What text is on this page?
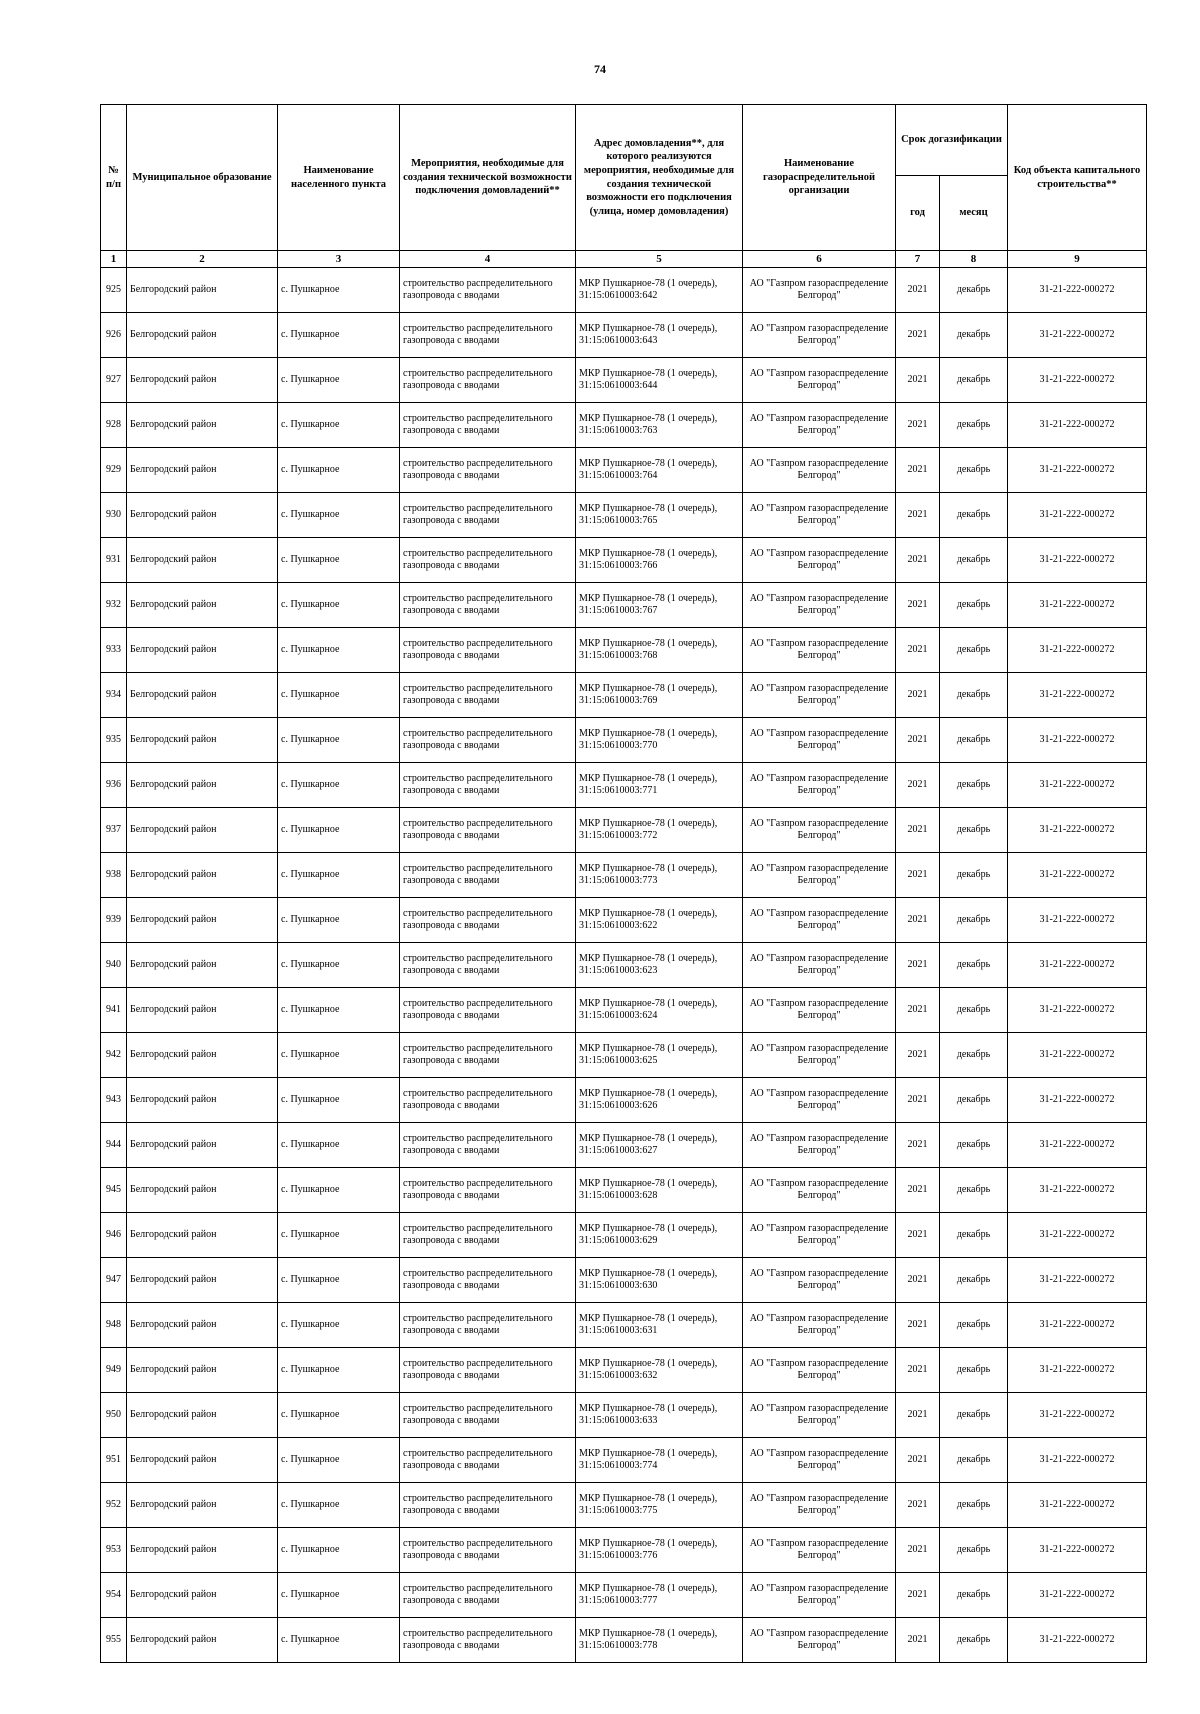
74
№ п/п	Муниципальное образование	Наименование населенного пункта	Мероприятия, необходимые для создания технической возможности подключения домовладений**	Адрес домовладения**, для которого реализуются мероприятия, необходимые для создания технической возможности его подключения (улица, номер домовладения)	Наименование газораспределительной организации	Срок догазификации		Код объекта капитального строительства**
						год	месяц	
1	2	3	4	5	6	7	8	9
925	Белгородский район	с. Пушкарное	строительство распределительного газопровода с вводами	МКР Пушкарное-78 (1 очередь), 31:15:0610003:642	АО "Газпром газораспределение Белгород"	2021	декабрь	31-21-222-000272
926	Белгородский район	с. Пушкарное	строительство распределительного газопровода с вводами	МКР Пушкарное-78 (1 очередь), 31:15:0610003:643	АО "Газпром газораспределение Белгород"	2021	декабрь	31-21-222-000272
927	Белгородский район	с. Пушкарное	строительство распределительного газопровода с вводами	МКР Пушкарное-78 (1 очередь), 31:15:0610003:644	АО "Газпром газораспределение Белгород"	2021	декабрь	31-21-222-000272
928	Белгородский район	с. Пушкарное	строительство распределительного газопровода с вводами	МКР Пушкарное-78 (1 очередь), 31:15:0610003:763	АО "Газпром газораспределение Белгород"	2021	декабрь	31-21-222-000272
929	Белгородский район	с. Пушкарное	строительство распределительного газопровода с вводами	МКР Пушкарное-78 (1 очередь), 31:15:0610003:764	АО "Газпром газораспределение Белгород"	2021	декабрь	31-21-222-000272
930	Белгородский район	с. Пушкарное	строительство распределительного газопровода с вводами	МКР Пушкарное-78 (1 очередь), 31:15:0610003:765	АО "Газпром газораспределение Белгород"	2021	декабрь	31-21-222-000272
931	Белгородский район	с. Пушкарное	строительство распределительного газопровода с вводами	МКР Пушкарное-78 (1 очередь), 31:15:0610003:766	АО "Газпром газораспределение Белгород"	2021	декабрь	31-21-222-000272
932	Белгородский район	с. Пушкарное	строительство распределительного газопровода с вводами	МКР Пушкарное-78 (1 очередь), 31:15:0610003:767	АО "Газпром газораспределение Белгород"	2021	декабрь	31-21-222-000272
933	Белгородский район	с. Пушкарное	строительство распределительного газопровода с вводами	МКР Пушкарное-78 (1 очередь), 31:15:0610003:768	АО "Газпром газораспределение Белгород"	2021	декабрь	31-21-222-000272
934	Белгородский район	с. Пушкарное	строительство распределительного газопровода с вводами	МКР Пушкарное-78 (1 очередь), 31:15:0610003:769	АО "Газпром газораспределение Белгород"	2021	декабрь	31-21-222-000272
935	Белгородский район	с. Пушкарное	строительство распределительного газопровода с вводами	МКР Пушкарное-78 (1 очередь), 31:15:0610003:770	АО "Газпром газораспределение Белгород"	2021	декабрь	31-21-222-000272
936	Белгородский район	с. Пушкарное	строительство распределительного газопровода с вводами	МКР Пушкарное-78 (1 очередь), 31:15:0610003:771	АО "Газпром газораспределение Белгород"	2021	декабрь	31-21-222-000272
937	Белгородский район	с. Пушкарное	строительство распределительного газопровода с вводами	МКР Пушкарное-78 (1 очередь), 31:15:0610003:772	АО "Газпром газораспределение Белгород"	2021	декабрь	31-21-222-000272
938	Белгородский район	с. Пушкарное	строительство распределительного газопровода с вводами	МКР Пушкарное-78 (1 очередь), 31:15:0610003:773	АО "Газпром газораспределение Белгород"	2021	декабрь	31-21-222-000272
939	Белгородский район	с. Пушкарное	строительство распределительного газопровода с вводами	МКР Пушкарное-78 (1 очередь), 31:15:0610003:622	АО "Газпром газораспределение Белгород"	2021	декабрь	31-21-222-000272
940	Белгородский район	с. Пушкарное	строительство распределительного газопровода с вводами	МКР Пушкарное-78 (1 очередь), 31:15:0610003:623	АО "Газпром газораспределение Белгород"	2021	декабрь	31-21-222-000272
941	Белгородский район	с. Пушкарное	строительство распределительного газопровода с вводами	МКР Пушкарное-78 (1 очередь), 31:15:0610003:624	АО "Газпром газораспределение Белгород"	2021	декабрь	31-21-222-000272
942	Белгородский район	с. Пушкарное	строительство распределительного газопровода с вводами	МКР Пушкарное-78 (1 очередь), 31:15:0610003:625	АО "Газпром газораспределение Белгород"	2021	декабрь	31-21-222-000272
943	Белгородский район	с. Пушкарное	строительство распределительного газопровода с вводами	МКР Пушкарное-78 (1 очередь), 31:15:0610003:626	АО "Газпром газораспределение Белгород"	2021	декабрь	31-21-222-000272
944	Белгородский район	с. Пушкарное	строительство распределительного газопровода с вводами	МКР Пушкарное-78 (1 очередь), 31:15:0610003:627	АО "Газпром газораспределение Белгород"	2021	декабрь	31-21-222-000272
945	Белгородский район	с. Пушкарное	строительство распределительного газопровода с вводами	МКР Пушкарное-78 (1 очередь), 31:15:0610003:628	АО "Газпром газораспределение Белгород"	2021	декабрь	31-21-222-000272
946	Белгородский район	с. Пушкарное	строительство распределительного газопровода с вводами	МКР Пушкарное-78 (1 очередь), 31:15:0610003:629	АО "Газпром газораспределение Белгород"	2021	декабрь	31-21-222-000272
947	Белгородский район	с. Пушкарное	строительство распределительного газопровода с вводами	МКР Пушкарное-78 (1 очередь), 31:15:0610003:630	АО "Газпром газораспределение Белгород"	2021	декабрь	31-21-222-000272
948	Белгородский район	с. Пушкарное	строительство распределительного газопровода с вводами	МКР Пушкарное-78 (1 очередь), 31:15:0610003:631	АО "Газпром газораспределение Белгород"	2021	декабрь	31-21-222-000272
949	Белгородский район	с. Пушкарное	строительство распределительного газопровода с вводами	МКР Пушкарное-78 (1 очередь), 31:15:0610003:632	АО "Газпром газораспределение Белгород"	2021	декабрь	31-21-222-000272
950	Белгородский район	с. Пушкарное	строительство распределительного газопровода с вводами	МКР Пушкарное-78 (1 очередь), 31:15:0610003:633	АО "Газпром газораспределение Белгород"	2021	декабрь	31-21-222-000272
951	Белгородский район	с. Пушкарное	строительство распределительного газопровода с вводами	МКР Пушкарное-78 (1 очередь), 31:15:0610003:774	АО "Газпром газораспределение Белгород"	2021	декабрь	31-21-222-000272
952	Белгородский район	с. Пушкарное	строительство распределительного газопровода с вводами	МКР Пушкарное-78 (1 очередь), 31:15:0610003:775	АО "Газпром газораспределение Белгород"	2021	декабрь	31-21-222-000272
953	Белгородский район	с. Пушкарное	строительство распределительного газопровода с вводами	МКР Пушкарное-78 (1 очередь), 31:15:0610003:776	АО "Газпром газораспределение Белгород"	2021	декабрь	31-21-222-000272
954	Белгородский район	с. Пушкарное	строительство распределительного газопровода с вводами	МКР Пушкарное-78 (1 очередь), 31:15:0610003:777	АО "Газпром газораспределение Белгород"	2021	декабрь	31-21-222-000272
955	Белгородский район	с. Пушкарное	строительство распределительного газопровода с вводами	МКР Пушкарное-78 (1 очередь), 31:15:0610003:778	АО "Газпром газораспределение Белгород"	2021	декабрь	31-21-222-000272
